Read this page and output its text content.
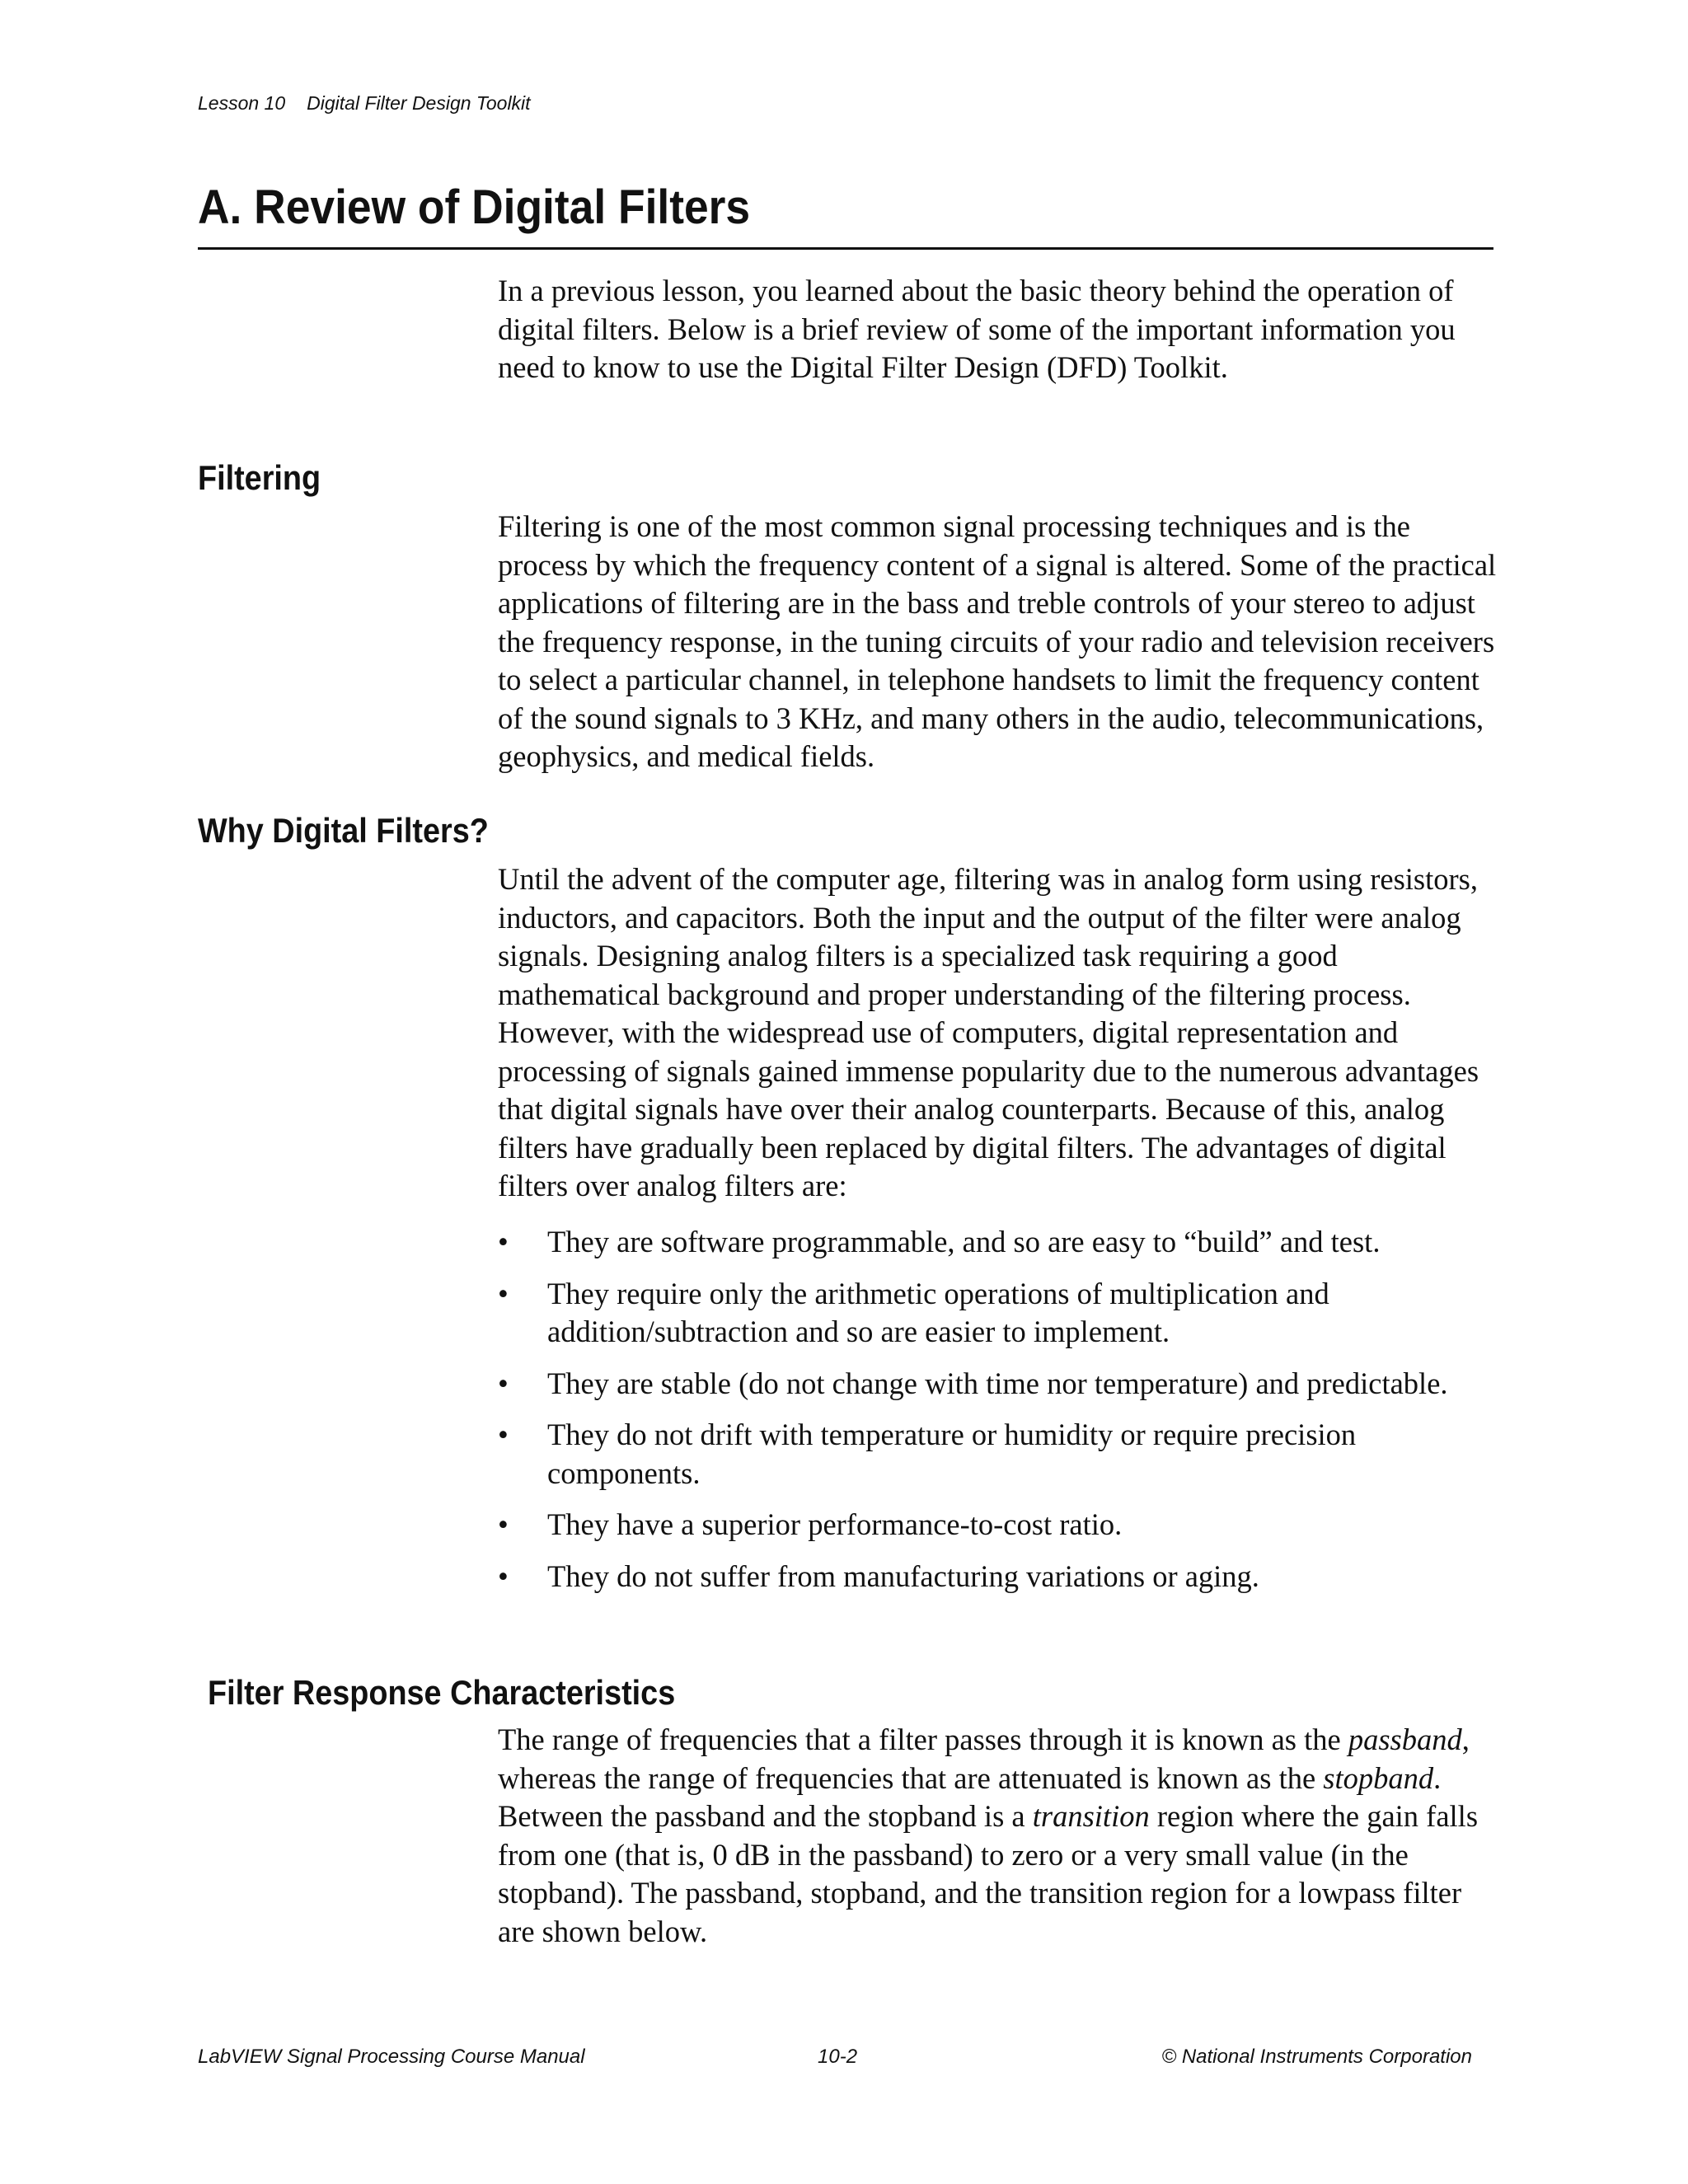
Lesson 10 Digital Filter Design Toolkit
A. Review of Digital Filters

In a previous lesson, you learned about the basic theory behind the operation of digital filters. Below is a brief review of some of the important information you need to know to use the Digital Filter Design (DFD) Toolkit.

Filtering

Filtering is one of the most common signal processing techniques and is the process by which the frequency content of a signal is altered. Some of the practical applications of filtering are in the bass and treble controls of your stereo to adjust the frequency response, in the tuning circuits of your radio and television receivers to select a particular channel, in telephone handsets to limit the frequency content of the sound signals to 3 KHz, and many others in the audio, telecommunications, geophysics, and medical fields.

Why Digital Filters?

Until the advent of the computer age, filtering was in analog form using resistors, inductors, and capacitors. Both the input and the output of the filter were analog signals. Designing analog filters is a specialized task requiring a good mathematical background and proper understanding of the filtering process. However, with the widespread use of computers, digital representation and processing of signals gained immense popularity due to the numerous advantages that digital signals have over their analog counterparts. Because of this, analog filters have gradually been replaced by digital filters. The advantages of digital filters over analog filters are:

• They are software programmable, and so are easy to “build” and test.
• They require only the arithmetic operations of multiplication and addition/subtraction and so are easier to implement.
• They are stable (do not change with time nor temperature) and predictable.
• They do not drift with temperature or humidity or require precision components.
• They have a superior performance-to-cost ratio.
• They do not suffer from manufacturing variations or aging.
Filter Response Characteristics

The range of frequencies that a filter passes through it is known as the passband, whereas the range of frequencies that are attenuated is known as the stopband. Between the passband and the stopband is a transition region where the gain falls from one (that is, 0 dB in the passband) to zero or a very small value (in the stopband). The passband, stopband, and the transition region for a lowpass filter are shown below.

LabVIEW Signal Processing Course Manual	10-2	© National Instruments Corporation
